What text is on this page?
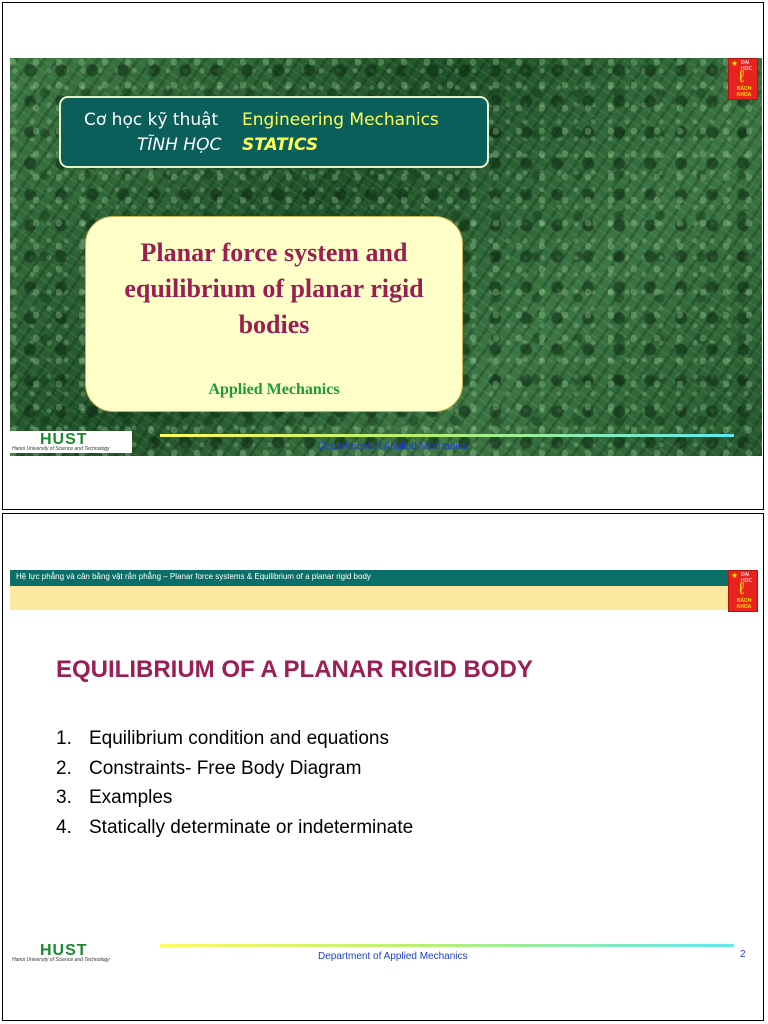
Cơ học kỹ thuật Engineering Mechanics
TĨNH HỌC STATICS
Planar force system and equilibrium of planar rigid bodies
Applied Mechanics
★ ĐẠI HỌC
ℓ
BÁCH KHOA
HUST
Hanoi University of Science and Technology	Department of Applied Mechanics
Hệ lực phẳng và cân bằng vật rắn phẳng – Planar force systems & Equilibrium of a planar rigid body	★ ĐẠI HỌC
ℓ
BÁCH KHOA
EQUILIBRIUM OF A PLANAR RIGID BODY
1. Equilibrium condition and equations
2. Constraints- Free Body Diagram
3. Examples
4. Statically determinate or indeterminate
HUST
Hanoi University of Science and Technology	Department of Applied Mechanics	2
